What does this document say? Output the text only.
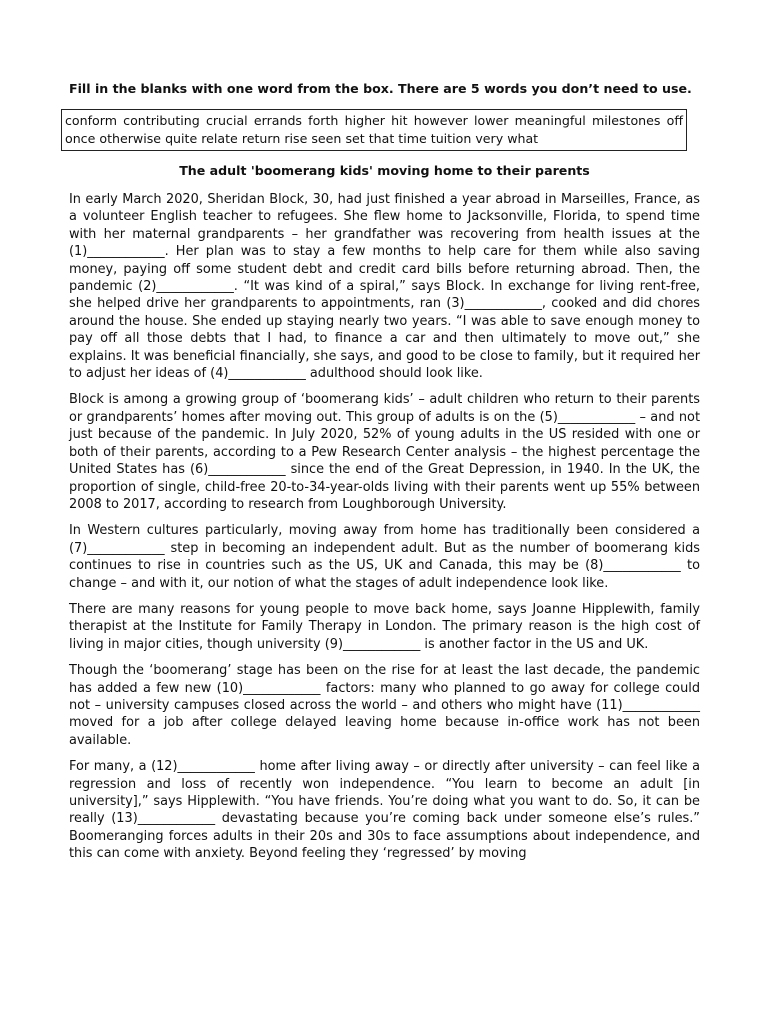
Fill in the blanks with one word from the box. There are 5 words you don’t need to use.
conform contributing crucial errands forth higher hit however lower meaningful milestones off once otherwise quite relate return rise seen set that time tuition very what
The adult 'boomerang kids' moving home to their parents

In early March 2020, Sheridan Block, 30, had just finished a year abroad in Marseilles, France, as a volunteer English teacher to refugees. She flew home to Jacksonville, Florida, to spend time with her maternal grandparents – her grandfather was recovering from health issues at the (1)____________. Her plan was to stay a few months to help care for them while also saving money, paying off some student debt and credit card bills before returning abroad. Then, the pandemic (2)____________. “It was kind of a spiral,” says Block. In exchange for living rent-free, she helped drive her grandparents to appointments, ran (3)____________, cooked and did chores around the house. She ended up staying nearly two years. “I was able to save enough money to pay off all those debts that I had, to finance a car and then ultimately to move out,” she explains. It was beneficial financially, she says, and good to be close to family, but it required her to adjust her ideas of (4)____________ adulthood should look like.

Block is among a growing group of ‘boomerang kids’ – adult children who return to their parents or grandparents’ homes after moving out. This group of adults is on the (5)____________ – and not just because of the pandemic. In July 2020, 52% of young adults in the US resided with one or both of their parents, according to a Pew Research Center analysis – the highest percentage the United States has (6)____________ since the end of the Great Depression, in 1940. In the UK, the proportion of single, child-free 20-to-34-year-olds living with their parents went up 55% between 2008 to 2017, according to research from Loughborough University.

In Western cultures particularly, moving away from home has traditionally been considered a (7)____________ step in becoming an independent adult. But as the number of boomerang kids continues to rise in countries such as the US, UK and Canada, this may be (8)____________ to change – and with it, our notion of what the stages of adult independence look like.

There are many reasons for young people to move back home, says Joanne Hipplewith, family therapist at the Institute for Family Therapy in London. The primary reason is the high cost of living in major cities, though university (9)____________ is another factor in the US and UK.

Though the ‘boomerang’ stage has been on the rise for at least the last decade, the pandemic has added a few new (10)____________ factors: many who planned to go away for college could not – university campuses closed across the world – and others who might have (11)____________ moved for a job after college delayed leaving home because in-office work has not been available.

For many, a (12)____________ home after living away – or directly after university – can feel like a regression and loss of recently won independence. “You learn to become an adult [in university],” says Hipplewith. “You have friends. You’re doing what you want to do. So, it can be really (13)____________ devastating because you’re coming back under someone else’s rules.” Boomeranging forces adults in their 20s and 30s to face assumptions about independence, and this can come with anxiety. Beyond feeling they ‘regressed’ by moving
